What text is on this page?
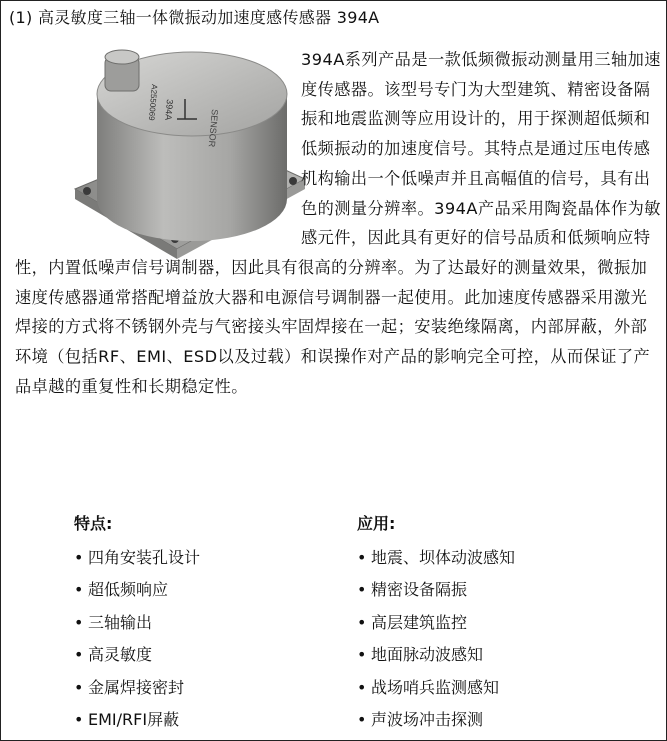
(1) 高灵敏度三轴一体微振动加速度感传感器 394A
394A
A2550069
SENSOR

394A系列产品是一款低频微振动测量用三轴加速度传感器。该型号专门为大型建筑、精密设备隔振和地震监测等应用设计的，用于探测超低频和低频振动的加速度信号。其特点是通过压电传感机构输出一个低噪声并且高幅值的信号，具有出色的测量分辨率。394A产品采用陶瓷晶体作为敏感元件，因此具有更好的信号品质和低频响应特性，内置低噪声信号调制器，因此具有很高的分辨率。为了达最好的测量效果，微振加速度传感器通常搭配增益放大器和电源信号调制器一起使用。此加速度传感器采用激光焊接的方式将不锈钢外壳与气密接头牢固焊接在一起；安装绝缘隔离，内部屏蔽，外部环境（包括RF、EMI、ESD以及过载）和误操作对产品的影响完全可控，从而保证了产品卓越的重复性和长期稳定性。

特点:
• 四角安装孔设计
• 超低频响应
• 三轴输出
• 高灵敏度
• 金属焊接密封
• EMI/RFI屏蔽
应用:
• 地震、坝体动波感知
• 精密设备隔振
• 高层建筑监控
• 地面脉动波感知
• 战场哨兵监测感知
• 声波场冲击探测
